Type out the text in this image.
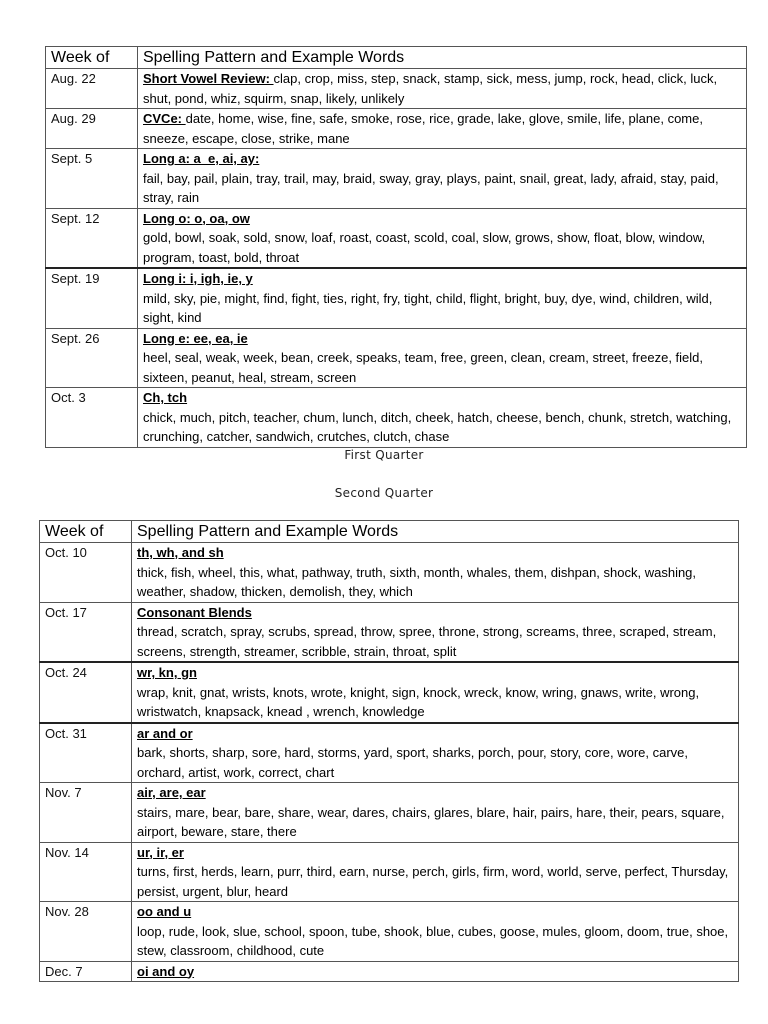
Week of	Spelling Pattern and Example Words
Aug. 22	Short Vowel Review: clap, crop, miss, step, snack, stamp, sick, mess, jump, rock, head, click, luck, shut, pond, whiz, squirm, snap, likely, unlikely
Aug. 29	CVCe: date, home, wise, fine, safe, smoke, rose, rice, grade, lake, glove, smile, life, plane, come, sneeze, escape, close, strike, mane
Sept. 5	Long a: a_e, ai, ay:
fail, bay, pail, plain, tray, trail, may, braid, sway, gray, plays, paint, snail, great, lady, afraid, stay, paid, stray, rain

Sept. 12	Long o: o, oa, ow
gold, bowl, soak, sold, snow, loaf, roast, coast, scold, coal, slow, grows, show, float, blow, window, program, toast, bold, throat

Sept. 19	Long i: i, igh, ie, y
mild, sky, pie, might, find, fight, ties, right, fry, tight, child, flight, bright, buy, dye, wind, children, wild, sight, kind

Sept. 26	Long e: ee, ea, ie
heel, seal, weak, week, bean, creek, speaks, team, free, green, clean, cream, street, freeze, field, sixteen, peanut, heal, stream, screen

Oct. 3	Ch, tch
chick, much, pitch, teacher, chum, lunch, ditch, cheek, hatch, cheese, bench, chunk, stretch, watching, crunching, catcher, sandwich, crutches, clutch, chase
First Quarter
Second Quarter
Week of	Spelling Pattern and Example Words
Oct. 10	th, wh, and sh
thick, fish, wheel, this, what, pathway, truth, sixth, month, whales, them, dishpan, shock, washing, weather, shadow, thicken, demolish, they, which

Oct. 17	Consonant Blends
thread, scratch, spray, scrubs, spread, throw, spree, throne, strong, screams, three, scraped, stream, screens, strength, streamer, scribble, strain, throat, split

Oct. 24	wr, kn, gn
wrap, knit, gnat, wrists, knots, wrote, knight, sign, knock, wreck, know, wring, gnaws, write, wrong, wristwatch, knapsack, knead , wrench, knowledge

Oct. 31	ar and or
bark, shorts, sharp, sore, hard, storms, yard, sport, sharks, porch, pour, story, core, wore, carve, orchard, artist, work, correct, chart

Nov. 7	air, are, ear
stairs, mare, bear, bare, share, wear, dares, chairs, glares, blare, hair, pairs, hare, their, pears, square, airport, beware, stare, there

Nov. 14	ur, ir, er
turns, first, herds, learn, purr, third, earn, nurse, perch, girls, firm, word, world, serve, perfect, Thursday, persist, urgent, blur, heard

Nov. 28	oo and u
loop, rude, look, slue, school, spoon, tube, shook, blue, cubes, goose, mules, gloom, doom, true, shoe, stew, classroom, childhood, cute

Dec. 7	oi and oy
